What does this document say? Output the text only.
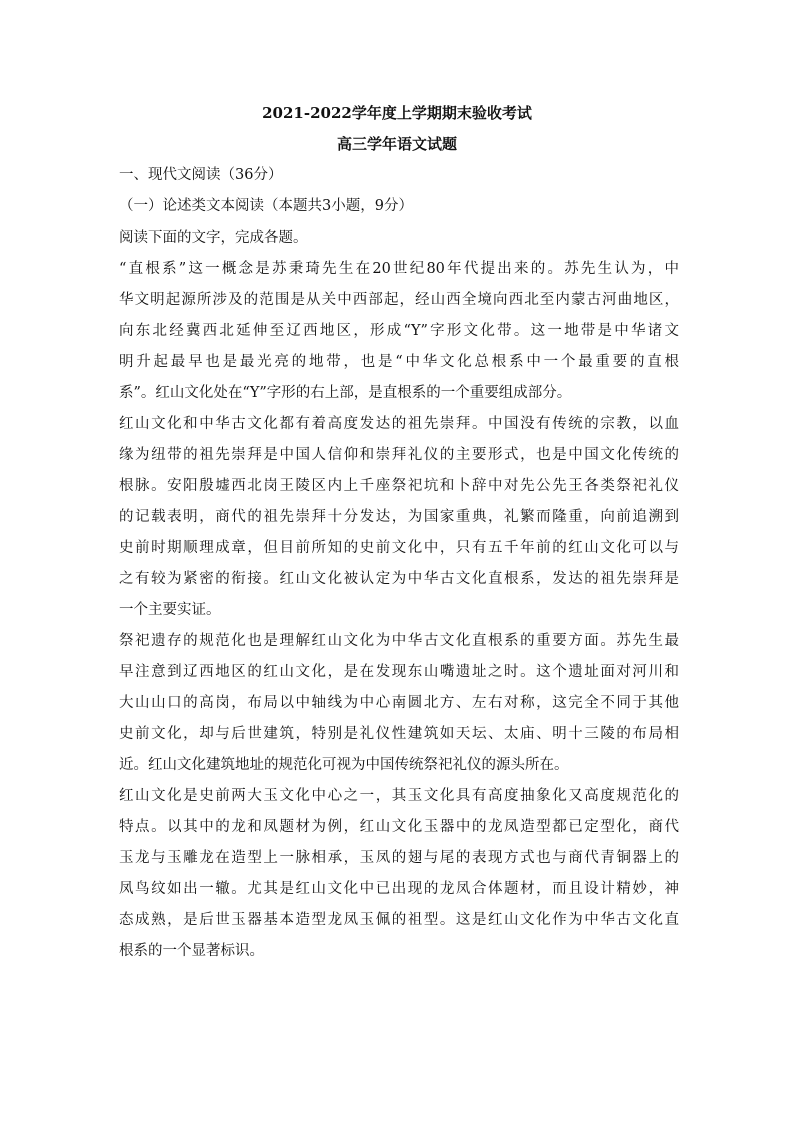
2021-2022学年度上学期期末验收考试
高三学年语文试题
一、现代文阅读（36分）
（一）论述类文本阅读（本题共3小题，9分）
阅读下面的文字，完成各题。
“直根系”这一概念是苏秉琦先生在20世纪80年代提出来的。苏先生认为，中
华文明起源所涉及的范围是从关中西部起，经山西全境向西北至内蒙古河曲地区，
向东北经冀西北延伸至辽西地区，形成“Y”字形文化带。这一地带是中华诸文
明升起最早也是最光亮的地带，也是“中华文化总根系中一个最重要的直根
系”。红山文化处在“Y”字形的右上部，是直根系的一个重要组成部分。
红山文化和中华古文化都有着高度发达的祖先崇拜。中国没有传统的宗教，以血
缘为纽带的祖先崇拜是中国人信仰和崇拜礼仪的主要形式，也是中国文化传统的
根脉。安阳殷墟西北岗王陵区内上千座祭祀坑和卜辞中对先公先王各类祭祀礼仪
的记载表明，商代的祖先崇拜十分发达，为国家重典，礼繁而隆重，向前追溯到
史前时期顺理成章，但目前所知的史前文化中，只有五千年前的红山文化可以与
之有较为紧密的衔接。红山文化被认定为中华古文化直根系，发达的祖先崇拜是
一个主要实证。
祭祀遗存的规范化也是理解红山文化为中华古文化直根系的重要方面。苏先生最
早注意到辽西地区的红山文化，是在发现东山嘴遗址之时。这个遗址面对河川和
大山山口的高岗，布局以中轴线为中心南圆北方、左右对称，这完全不同于其他
史前文化，却与后世建筑，特别是礼仪性建筑如天坛、太庙、明十三陵的布局相
近。红山文化建筑地址的规范化可视为中国传统祭祀礼仪的源头所在。
红山文化是史前两大玉文化中心之一，其玉文化具有高度抽象化又高度规范化的
特点。以其中的龙和凤题材为例，红山文化玉器中的龙凤造型都已定型化，商代
玉龙与玉雕龙在造型上一脉相承，玉凤的翅与尾的表现方式也与商代青铜器上的
凤鸟纹如出一辙。尤其是红山文化中已出现的龙凤合体题材，而且设计精妙，神
态成熟，是后世玉器基本造型龙凤玉佩的祖型。这是红山文化作为中华古文化直
根系的一个显著标识。
